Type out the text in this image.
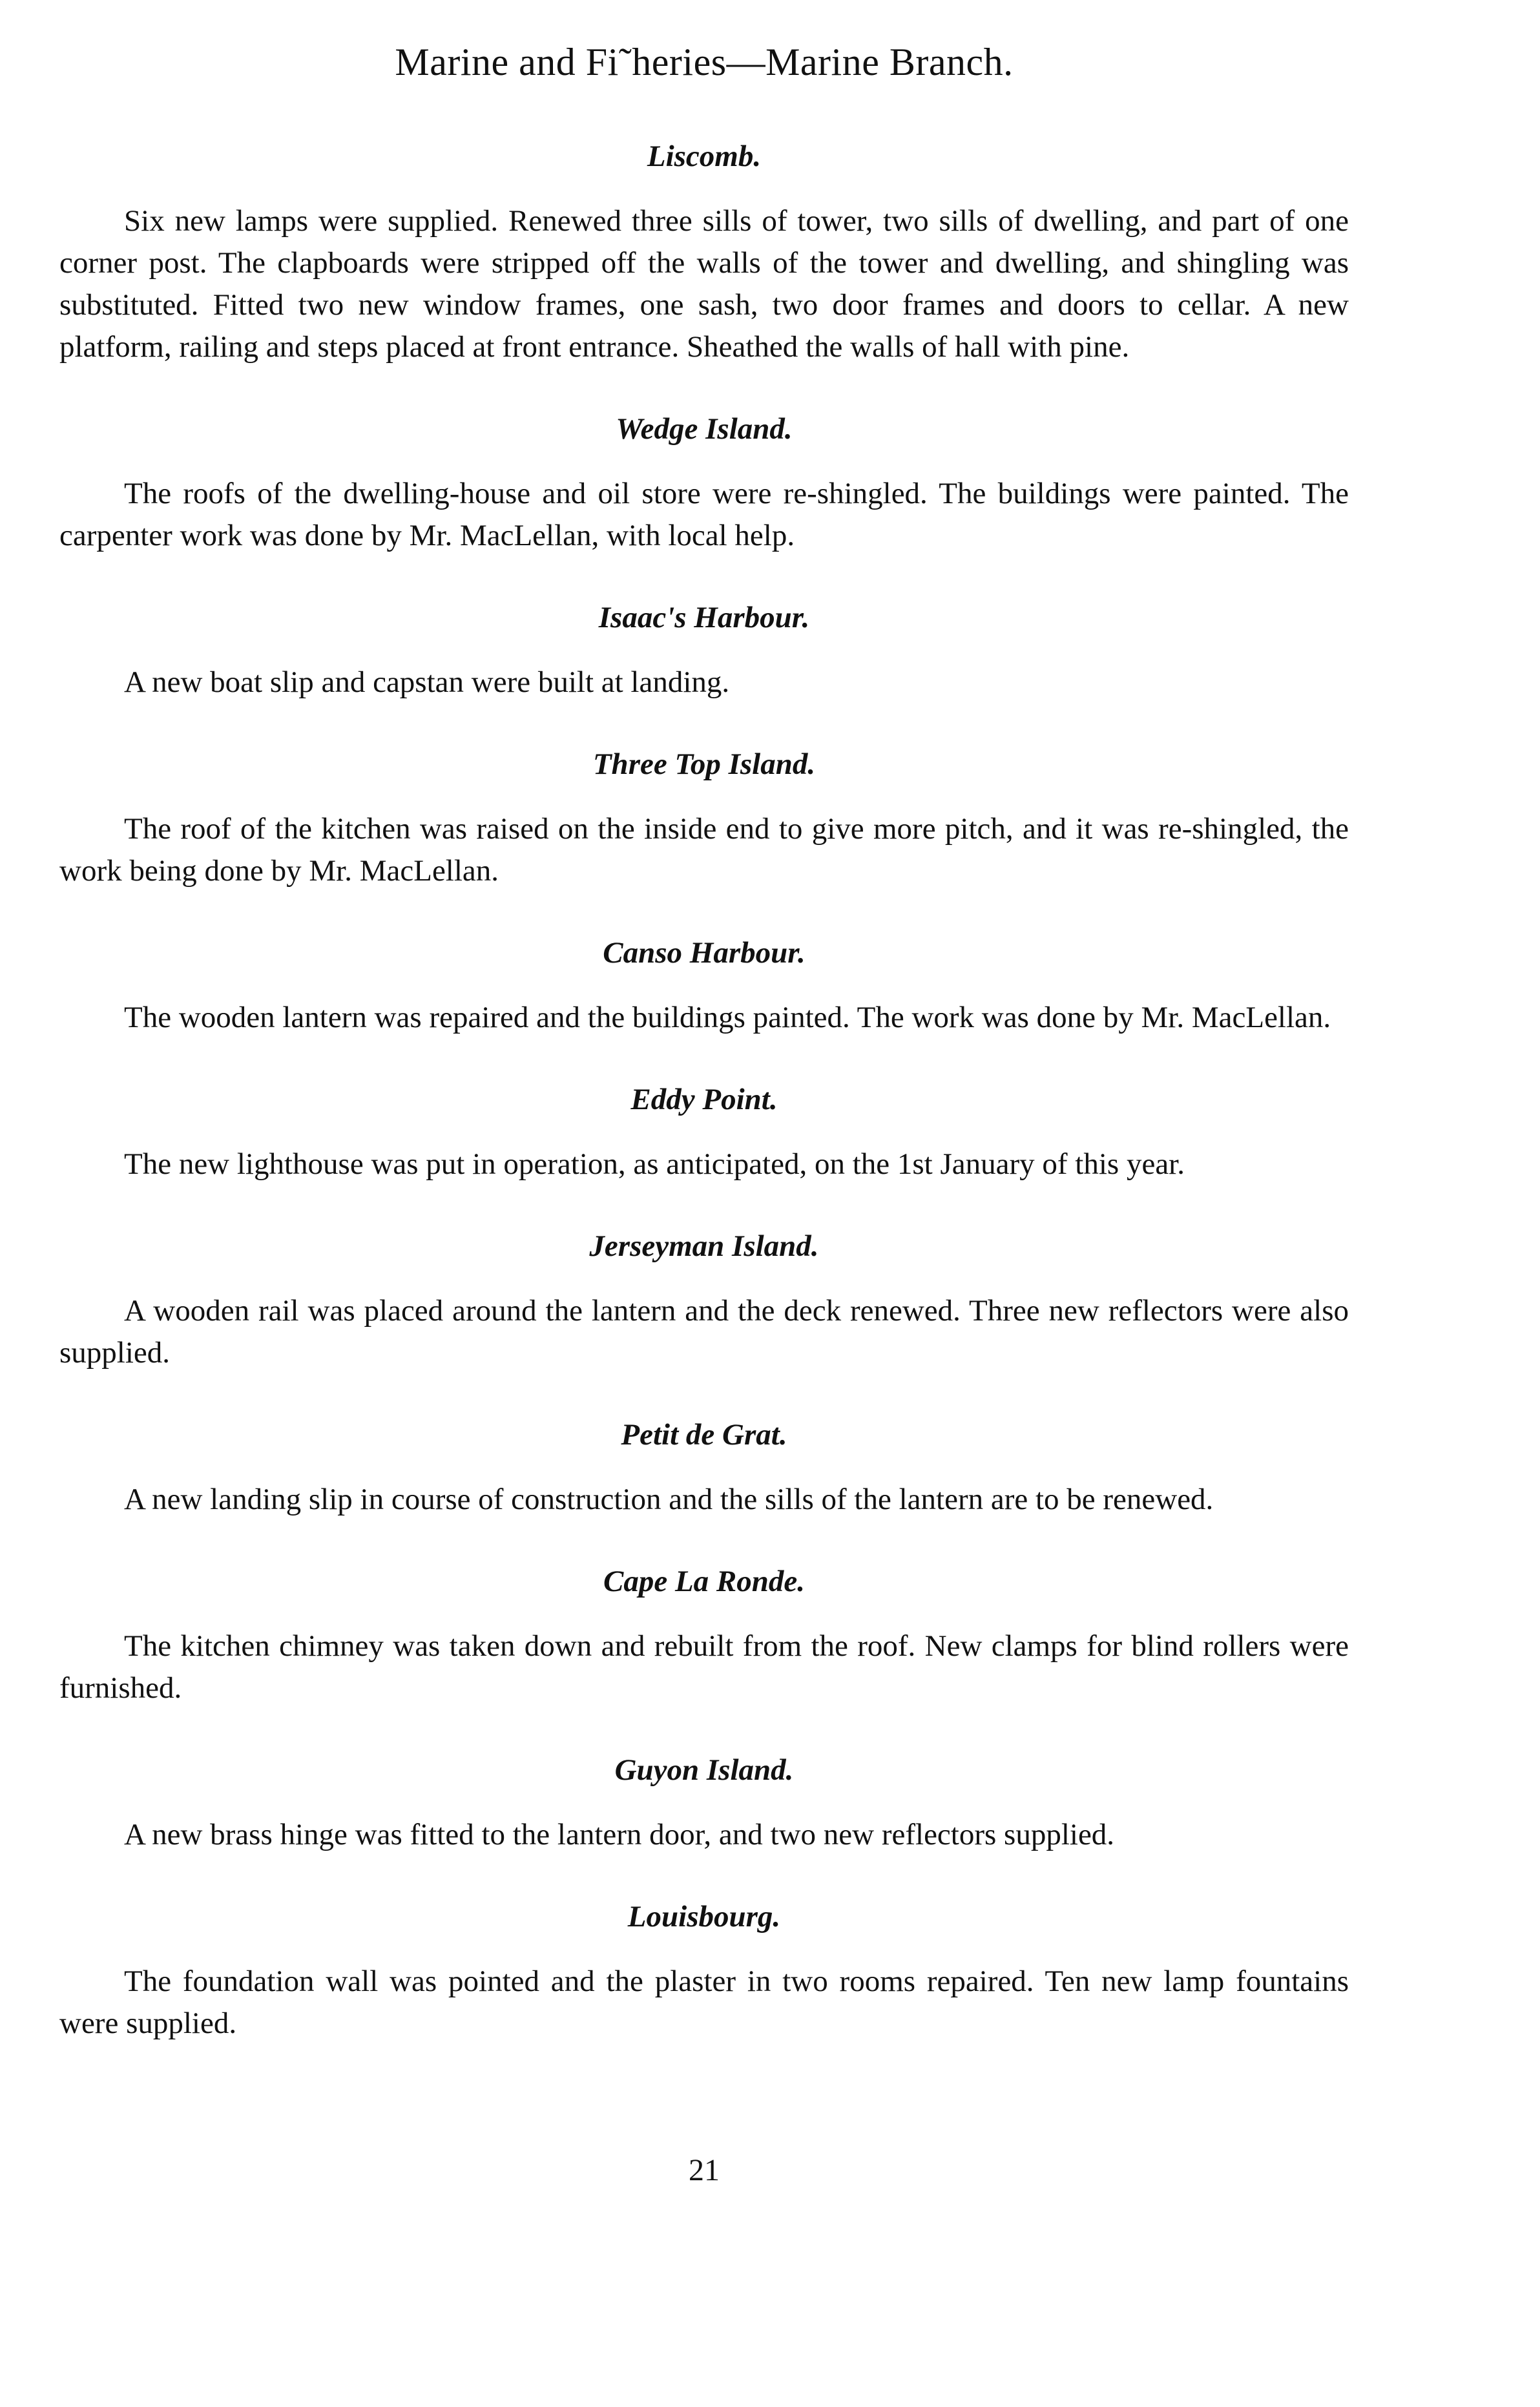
Marine and Fi˜heries—Marine Branch.
Liscomb.

Six new lamps were supplied. Renewed three sills of tower, two sills of dwelling, and part of one corner post. The clapboards were stripped off the walls of the tower and dwelling, and shingling was substituted. Fitted two new window frames, one sash, two door frames and doors to cellar. A new platform, railing and steps placed at front entrance. Sheathed the walls of hall with pine.

Wedge Island.

The roofs of the dwelling-house and oil store were re-shingled. The buildings were painted. The carpenter work was done by Mr. MacLellan, with local help.

Isaac's Harbour.

A new boat slip and capstan were built at landing.

Three Top Island.

The roof of the kitchen was raised on the inside end to give more pitch, and it was re-shingled, the work being done by Mr. MacLellan.

Canso Harbour.

The wooden lantern was repaired and the buildings painted. The work was done by Mr. MacLellan.

Eddy Point.

The new lighthouse was put in operation, as anticipated, on the 1st January of this year.

Jerseyman Island.

A wooden rail was placed around the lantern and the deck renewed. Three new reflectors were also supplied.

Petit de Grat.

A new landing slip in course of construction and the sills of the lantern are to be renewed.

Cape La Ronde.

The kitchen chimney was taken down and rebuilt from the roof. New clamps for blind rollers were furnished.

Guyon Island.

A new brass hinge was fitted to the lantern door, and two new reflectors supplied.

Louisbourg.

The foundation wall was pointed and the plaster in two rooms repaired. Ten new lamp fountains were supplied.

21
